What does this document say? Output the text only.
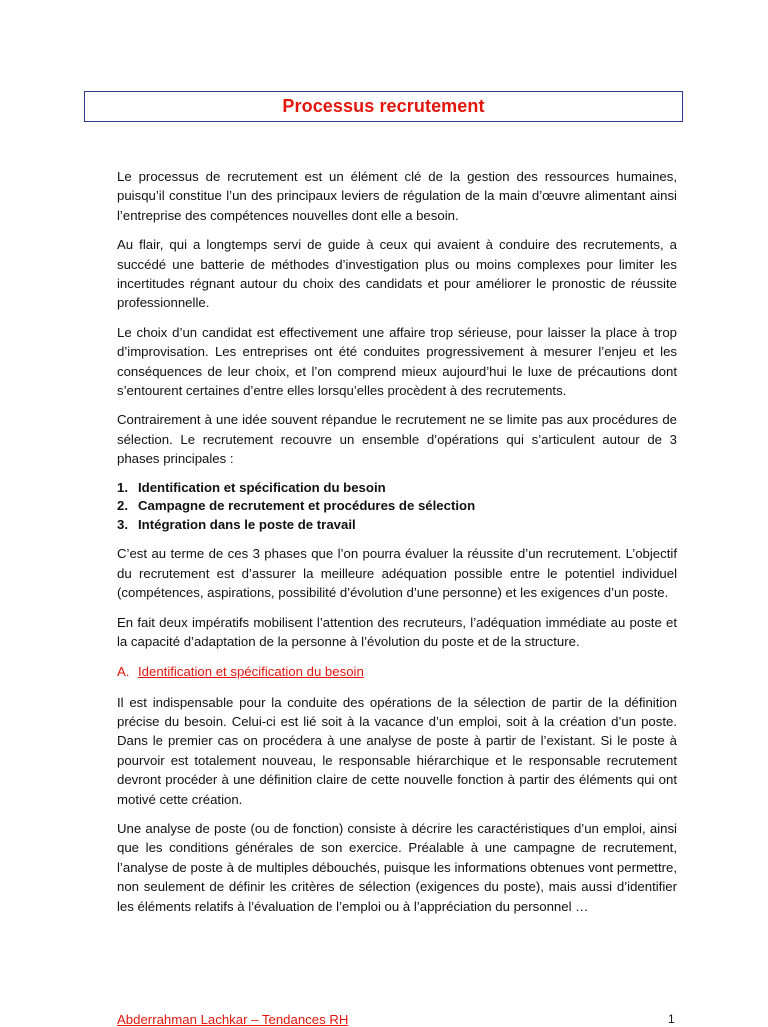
Processus recrutement

Le processus de recrutement est un élément clé de la gestion des ressources humaines, puisqu’il constitue l’un des principaux leviers de régulation de la main d’œuvre alimentant ainsi l’entreprise des compétences nouvelles dont elle a besoin.

Au flair, qui a longtemps servi de guide à ceux qui avaient à conduire des recrutements, a succédé une batterie de méthodes d’investigation plus ou moins complexes pour limiter les incertitudes régnant autour du choix des candidats et pour améliorer le pronostic de réussite professionnelle.

Le choix d’un candidat est effectivement une affaire trop sérieuse, pour laisser la place à trop d’improvisation. Les entreprises ont été conduites progressivement à mesurer l’enjeu et les conséquences de leur choix, et l’on comprend mieux aujourd’hui le luxe de précautions dont s’entourent certaines d’entre elles lorsqu’elles procèdent à des recrutements.

Contrairement à une idée souvent répandue le recrutement ne se limite pas aux procédures de sélection. Le recrutement recouvre un ensemble d’opérations qui s’articulent autour de 3 phases principales :

1. Identification et spécification du besoin
2. Campagne de recrutement et procédures de sélection
3. Intégration dans le poste de travail

C’est au terme de ces 3 phases que l’on pourra évaluer la réussite d’un recrutement. L’objectif du recrutement est d’assurer la meilleure adéquation possible entre le potentiel individuel (compétences, aspirations, possibilité d’évolution d’une personne) et les exigences d’un poste.

En fait deux impératifs mobilisent l’attention des recruteurs, l’adéquation immédiate au poste et la capacité d’adaptation de la personne à l’évolution du poste et de la structure.

A. Identification et spécification du besoin

Il est indispensable pour la conduite des opérations de la sélection de partir de la définition précise du besoin. Celui-ci est lié soit à la vacance d’un emploi, soit à la création d’un poste. Dans le premier cas on procédera à une analyse de poste à partir de l’existant. Si le poste à pourvoir est totalement nouveau, le responsable hiérarchique et le responsable recrutement devront procéder à une définition claire de cette nouvelle fonction à partir des éléments qui ont motivé cette création.

Une analyse de poste (ou de fonction) consiste à décrire les caractéristiques d’un emploi, ainsi que les conditions générales de son exercice. Préalable à une campagne de recrutement, l’analyse de poste à de multiples débouchés, puisque les informations obtenues vont permettre, non seulement de définir les critères de sélection (exigences du poste), mais aussi d’identifier les éléments relatifs à l’évaluation de l’emploi ou à l’appréciation du personnel …

Abderrahman Lachkar – Tendances RH	1
